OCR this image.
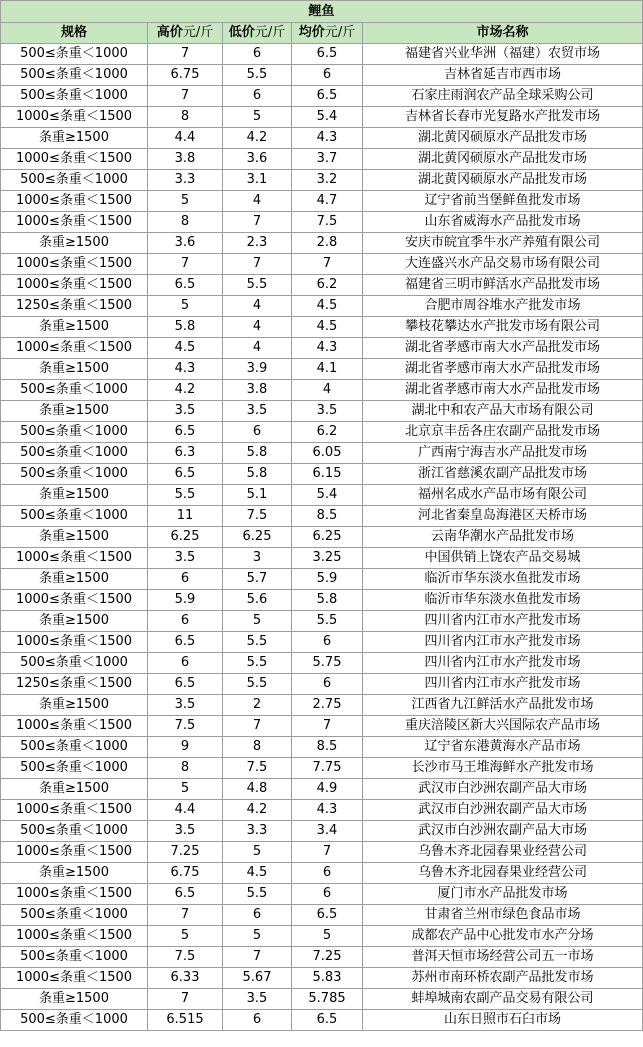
鲤鱼				
规格	高价元/斤	低价元/斤	均价元/斤	市场名称
500≤条重＜1000	7	6	6.5	福建省兴业华洲（福建）农贸市场
500≤条重＜1000	6.75	5.5	6	吉林省延吉市西市场
500≤条重＜1000	7	6	6.5	石家庄雨润农产品全球采购公司
1000≤条重＜1500	8	5	5.4	吉林省长春市光复路水产批发市场
条重≥1500	4.4	4.2	4.3	湖北黄冈硕原水产品批发市场
1000≤条重＜1500	3.8	3.6	3.7	湖北黄冈硕原水产品批发市场
500≤条重＜1000	3.3	3.1	3.2	湖北黄冈硕原水产品批发市场
1000≤条重＜1500	5	4	4.7	辽宁省前当堡鲜鱼批发市场
1000≤条重＜1500	8	7	7.5	山东省威海水产品批发市场
条重≥1500	3.6	2.3	2.8	安庆市皖宜季牛水产养殖有限公司
1000≤条重＜1500	7	7	7	大连盛兴水产品交易市场有限公司
1000≤条重＜1500	6.5	5.5	6.2	福建省三明市鲜活水产品批发市场
1250≤条重＜1500	5	4	4.5	合肥市周谷堆水产批发市场
条重≥1500	5.8	4	4.5	攀枝花攀达水产批发市场有限公司
1000≤条重＜1500	4.5	4	4.3	湖北省孝感市南大水产品批发市场
条重≥1500	4.3	3.9	4.1	湖北省孝感市南大水产品批发市场
500≤条重＜1000	4.2	3.8	4	湖北省孝感市南大水产品批发市场
条重≥1500	3.5	3.5	3.5	湖北中和农产品大市场有限公司
500≤条重＜1000	6.5	6	6.2	北京京丰岳各庄农副产品批发市场
500≤条重＜1000	6.3	5.8	6.05	广西南宁海吉水产品批发市场
500≤条重＜1000	6.5	5.8	6.15	浙江省慈溪农副产品批发市场
条重≥1500	5.5	5.1	5.4	福州名成水产品市场有限公司
500≤条重＜1000	11	7.5	8.5	河北省秦皇岛海港区天桥市场
条重≥1500	6.25	6.25	6.25	云南华潮水产品批发市场
1000≤条重＜1500	3.5	3	3.25	中国供销上饶农产品交易城
条重≥1500	6	5.7	5.9	临沂市华东淡水鱼批发市场
1000≤条重＜1500	5.9	5.6	5.8	临沂市华东淡水鱼批发市场
条重≥1500	6	5	5.5	四川省内江市水产批发市场
1000≤条重＜1500	6.5	5.5	6	四川省内江市水产批发市场
500≤条重＜1000	6	5.5	5.75	四川省内江市水产批发市场
1250≤条重＜1500	6.5	5.5	6	四川省内江市水产批发市场
条重≥1500	3.5	2	2.75	江西省九江鲜活水产品批发市场
1000≤条重＜1500	7.5	7	7	重庆涪陵区新大兴国际农产品市场
500≤条重＜1000	9	8	8.5	辽宁省东港黄海水产品市场
500≤条重＜1000	8	7.5	7.75	长沙市马王堆海鲜水产批发市场
条重≥1500	5	4.8	4.9	武汉市白沙洲农副产品大市场
1000≤条重＜1500	4.4	4.2	4.3	武汉市白沙洲农副产品大市场
500≤条重＜1000	3.5	3.3	3.4	武汉市白沙洲农副产品大市场
1000≤条重＜1500	7.25	5	7	乌鲁木齐北园春果业经营公司
条重≥1500	6.75	4.5	6	乌鲁木齐北园春果业经营公司
1000≤条重＜1500	6.5	5.5	6	厦门市水产品批发市场
500≤条重＜1000	7	6	6.5	甘肃省兰州市绿色食品市场
1000≤条重＜1500	5	5	5	成都农产品中心批发市水产分场
500≤条重＜1000	7.5	7	7.25	普洱天恒市场经营公司五一市场
1000≤条重＜1500	6.33	5.67	5.83	苏州市南环桥农副产品批发市场
条重≥1500	7	3.5	5.785	蚌埠城南农副产品交易有限公司
500≤条重＜1000	6.515	6	6.5	山东日照市石臼市场
